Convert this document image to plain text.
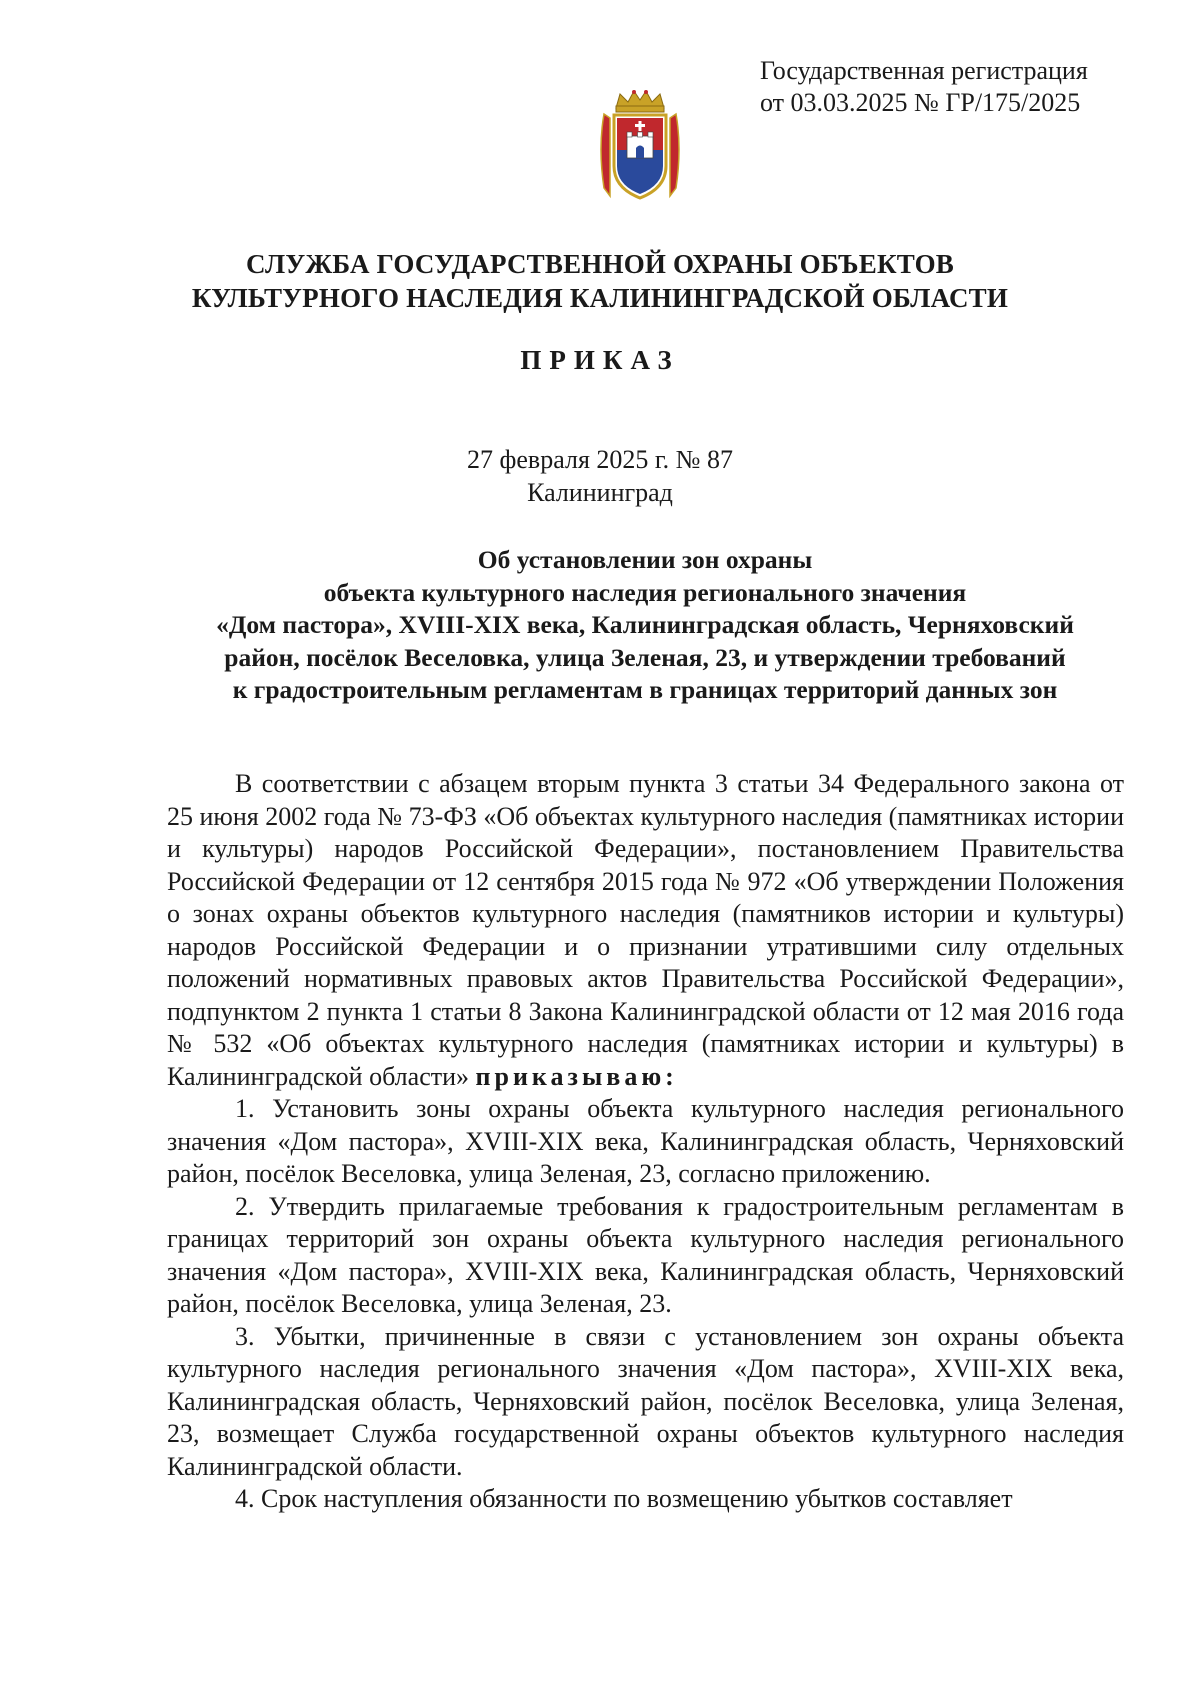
Государственная регистрация
от 03.03.2025 № ГР/175/2025
СЛУЖБА ГОСУДАРСТВЕННОЙ ОХРАНЫ ОБЪЕКТОВ
КУЛЬТУРНОГО НАСЛЕДИЯ КАЛИНИНГРАДСКОЙ ОБЛАСТИ
ПРИКАЗ
27 февраля 2025 г. № 87
Калининград
Об установлении зон охраны
объекта культурного наследия регионального значения
«Дом пастора», XVIII-XIX века, Калининградская область, Черняховский
район, посёлок Веселовка, улица Зеленая, 23, и утверждении требований
к градостроительным регламентам в границах территорий данных зон

В соответствии с абзацем вторым пункта 3 статьи 34 Федерального закона от 25 июня 2002 года № 73-ФЗ «Об объектах культурного наследия (памятниках истории и культуры) народов Российской Федерации», постановлением Правительства Российской Федерации от 12 сентября 2015 года № 972 «Об утверждении Положения о зонах охраны объектов культурного наследия (памятников истории и культуры) народов Российской Федерации и о признании утратившими силу отдельных положений нормативных правовых актов Правительства Российской Федерации», подпунктом 2 пункта 1 статьи 8 Закона Калининградской области от 12 мая 2016 года № 532 «Об объектах культурного наследия (памятниках истории и культуры) в Калининградской области» приказываю:

1. Установить зоны охраны объекта культурного наследия регионального значения «Дом пастора», XVIII-XIX века, Калининградская область, Черняховский район, посёлок Веселовка, улица Зеленая, 23, согласно приложению.

2. Утвердить прилагаемые требования к градостроительным регламентам в границах территорий зон охраны объекта культурного наследия регионального значения «Дом пастора», XVIII-XIX века, Калининградская область, Черняховский район, посёлок Веселовка, улица Зеленая, 23.

3. Убытки, причиненные в связи с установлением зон охраны объекта культурного наследия регионального значения «Дом пастора», XVIII-XIX века, Калининградская область, Черняховский район, посёлок Веселовка, улица Зеленая, 23, возмещает Служба государственной охраны объектов культурного наследия Калининградской области.

4. Срок наступления обязанности по возмещению убытков составляет
